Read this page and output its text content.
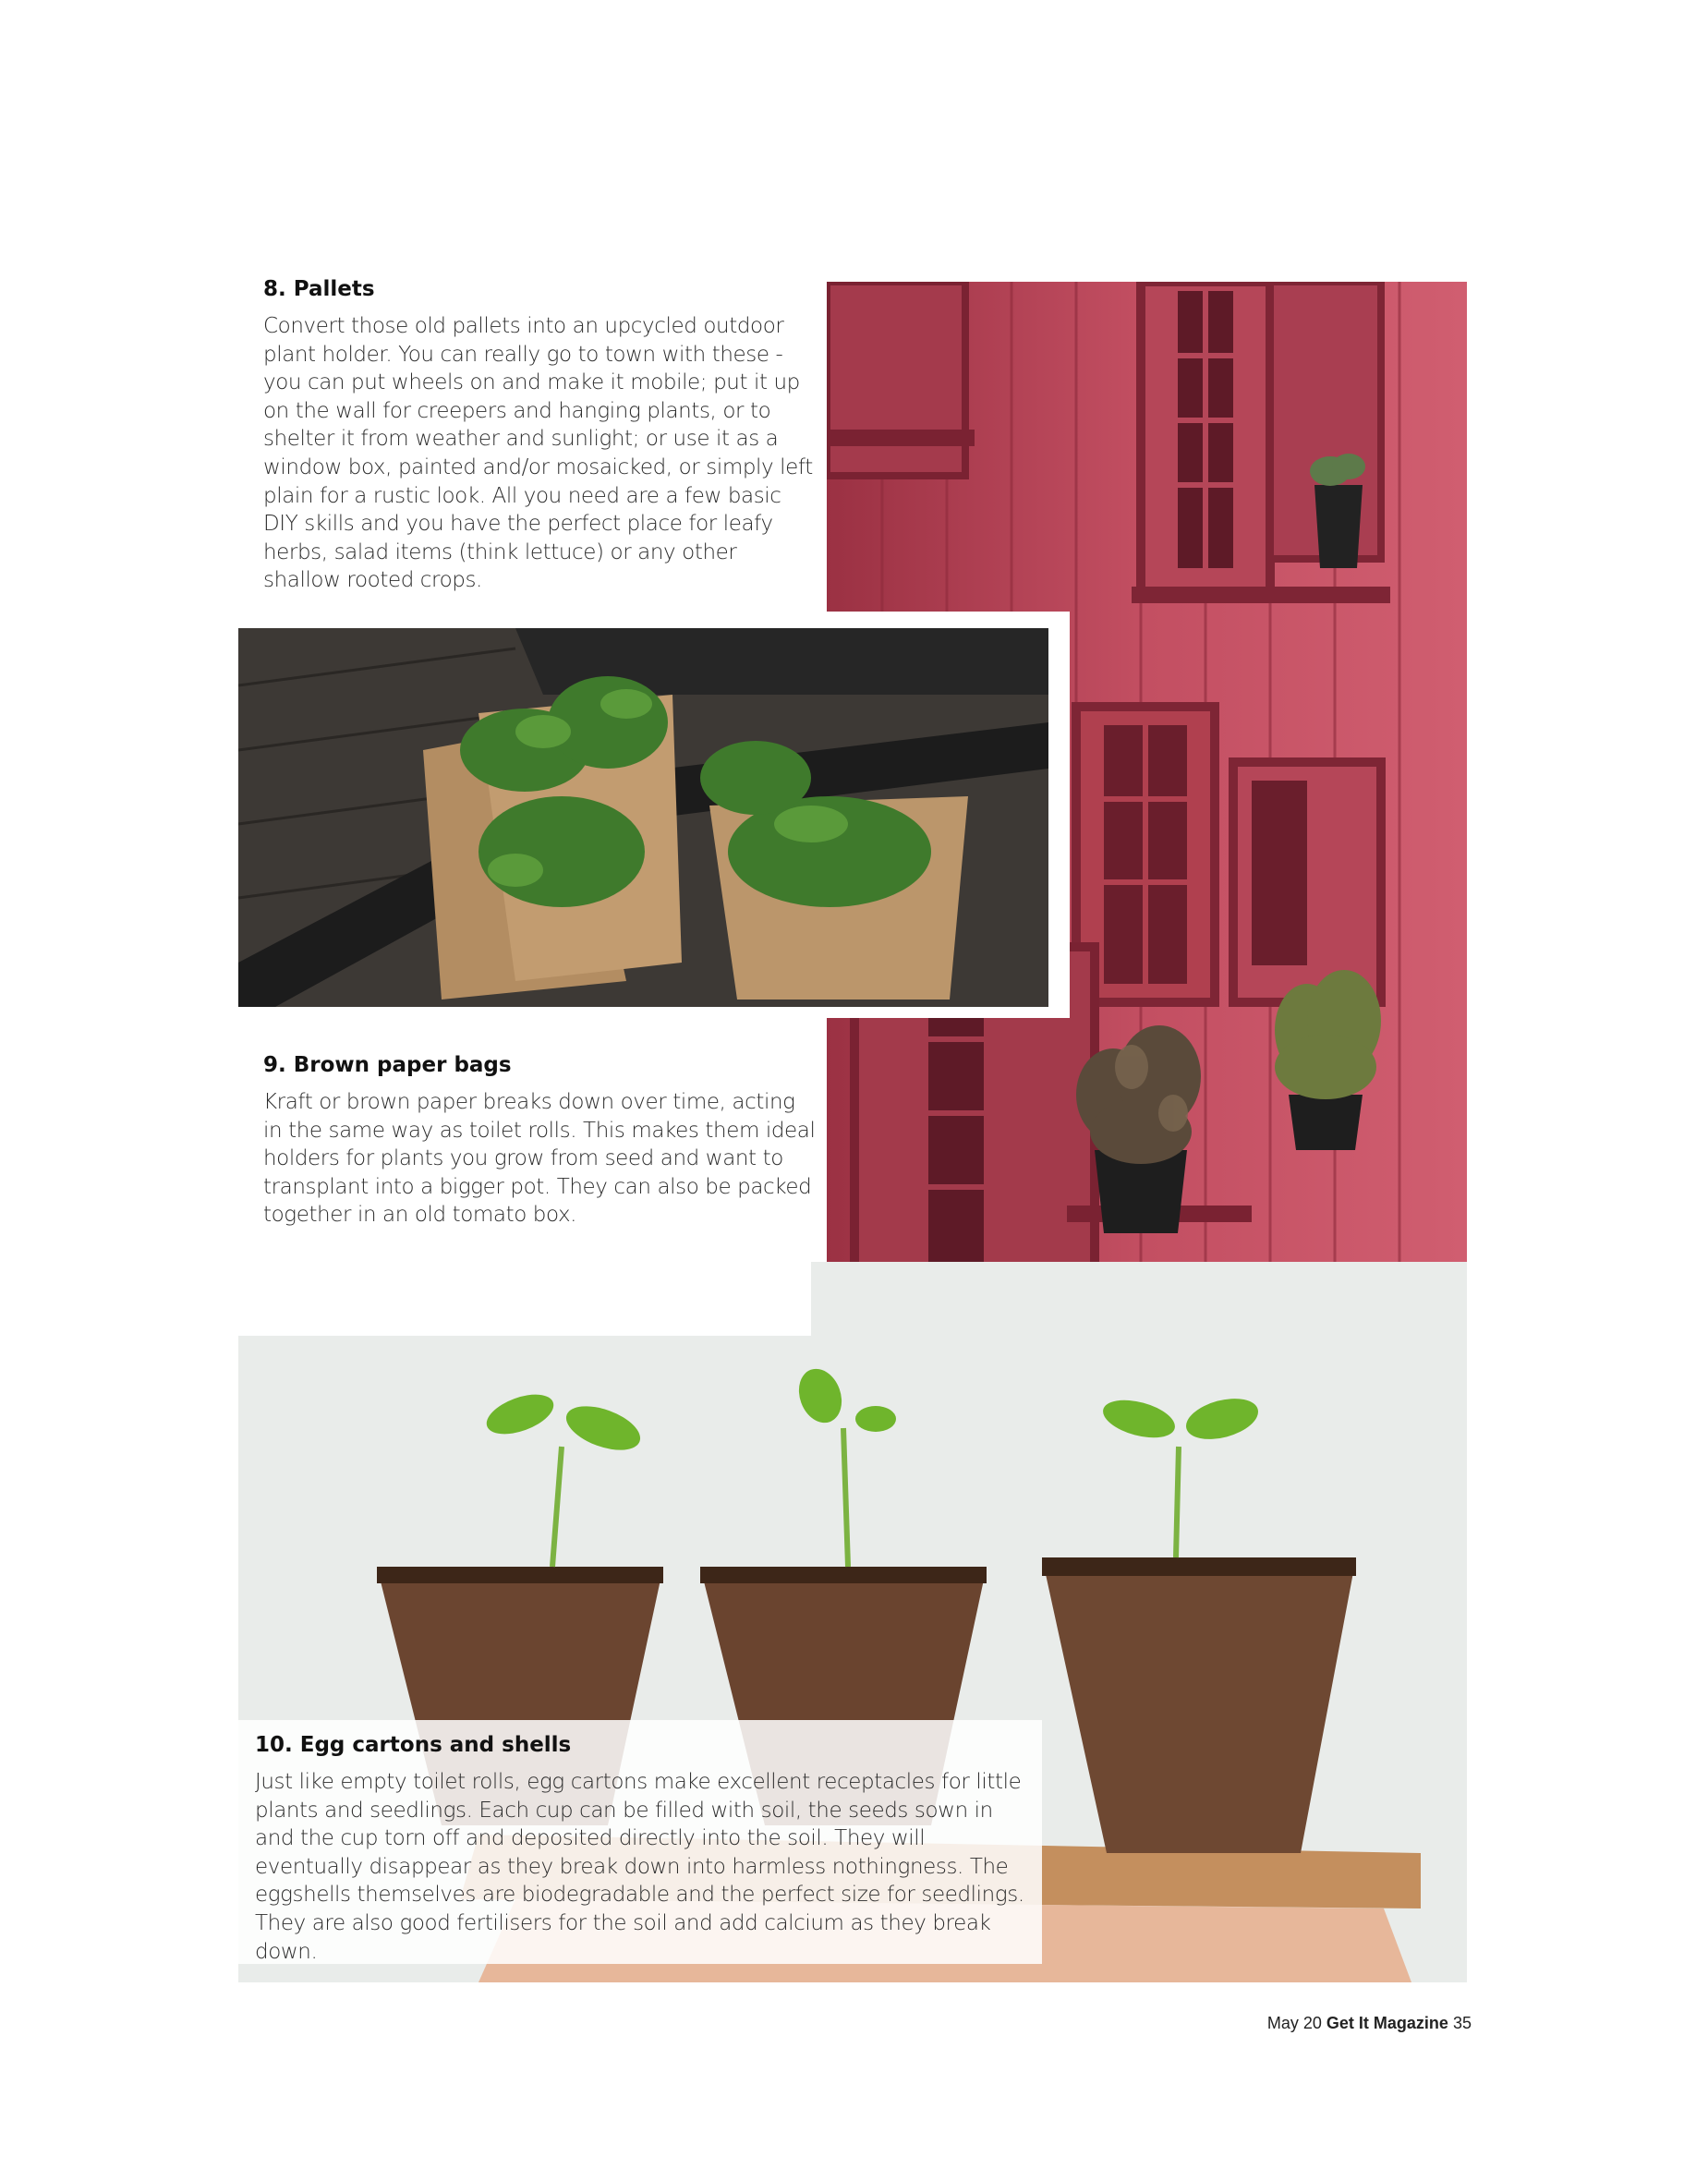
8. Pallets

Convert those old pallets into an upcycled outdoor plant holder. You can really go to town with these - you can put wheels on and make it mobile; put it up on the wall for creepers and hanging plants, or to shelter it from weather and sunlight; or use it as a window box, painted and/or mosaicked, or simply left plain for a rustic look. All you need are a few basic DIY skills and you have the perfect place for leafy herbs, salad items (think lettuce) or any other shallow rooted crops.

9. Brown paper bags

Kraft or brown paper breaks down over time, acting in the same way as toilet rolls. This makes them ideal holders for plants you grow from seed and want to transplant into a bigger pot. They can also be packed together in an old tomato box.

10. Egg cartons and shells

Just like empty toilet rolls, egg cartons make excellent receptacles for little plants and seedlings. Each cup can be filled with soil, the seeds sown in and the cup torn off and deposited directly into the soil. They will eventually disappear as they break down into harmless nothingness. The eggshells themselves are biodegradable and the perfect size for seedlings. They are also good fertilisers for the soil and add calcium as they break down.

May 20 Get It Magazine 35
